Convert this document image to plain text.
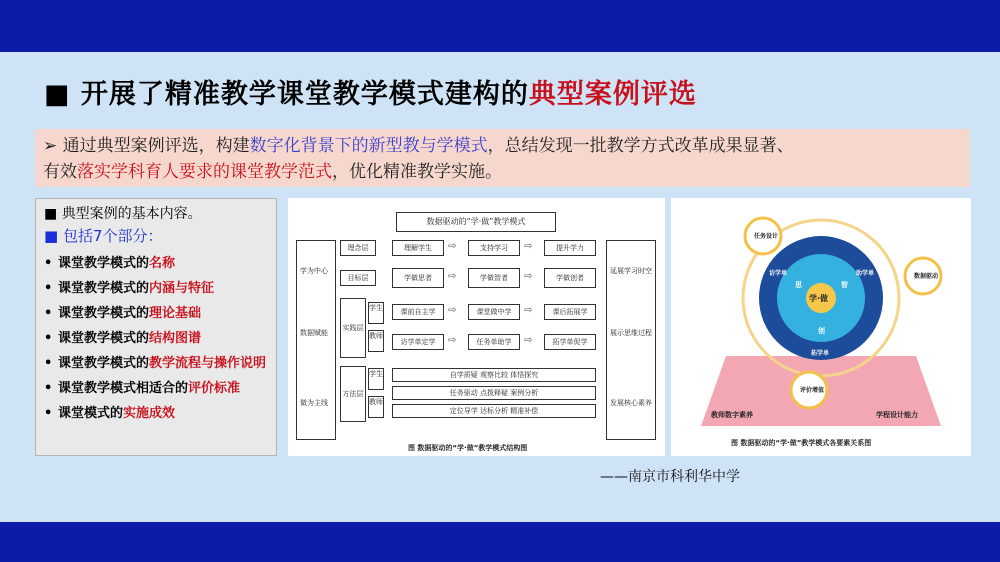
■ 开展了精准教学课堂教学模式建构的典型案例评选
➢ 通过典型案例评选，构建数字化背景下的新型教与学模式，总结发现一批教学方式改革成果显著、
有效落实学科育人要求的课堂教学范式，优化精准教学实施。
■ 典型案例的基本内容。
■ 包括7个部分：
• 课堂教学模式的名称
• 课堂教学模式的内涵与特征
• 课堂教学模式的理论基础
• 课堂教学模式的结构图谱
• 课堂教学模式的教学流程与操作说明
• 课堂教学模式相适合的评价标准
• 课堂模式的实施成效
数据驱动的“学·做”教学模式
学为中心
数据赋能
做为主线
延展学习时空
展示思维过程
发展核心素养
理念层
目标层
实践层
方法层
学生
教师
学生
教师
理解学生	⇨	支持学习	⇨	提升学力
学做思者	⇨	学做智者	⇨	学做创者
课前自主学	⇨	课堂做中学	⇨	课后拓展学
访学单定学	⇨	任务单助学	⇨	拓学单促学
自学质疑 观察比较 体悟探究
任务驱动 点拨释疑 案例分析
定位导学 达标分析 精准补偿
图 数据驱动的“学·做”教学模式结构图
学·做
思	智
创
访学单	助学单
拓学单
任务设计
数据驱动
评价增值
教师数字素养	学程设计能力
图 数据驱动的“学·做”教学模式各要素关系图
——南京市科利华中学
